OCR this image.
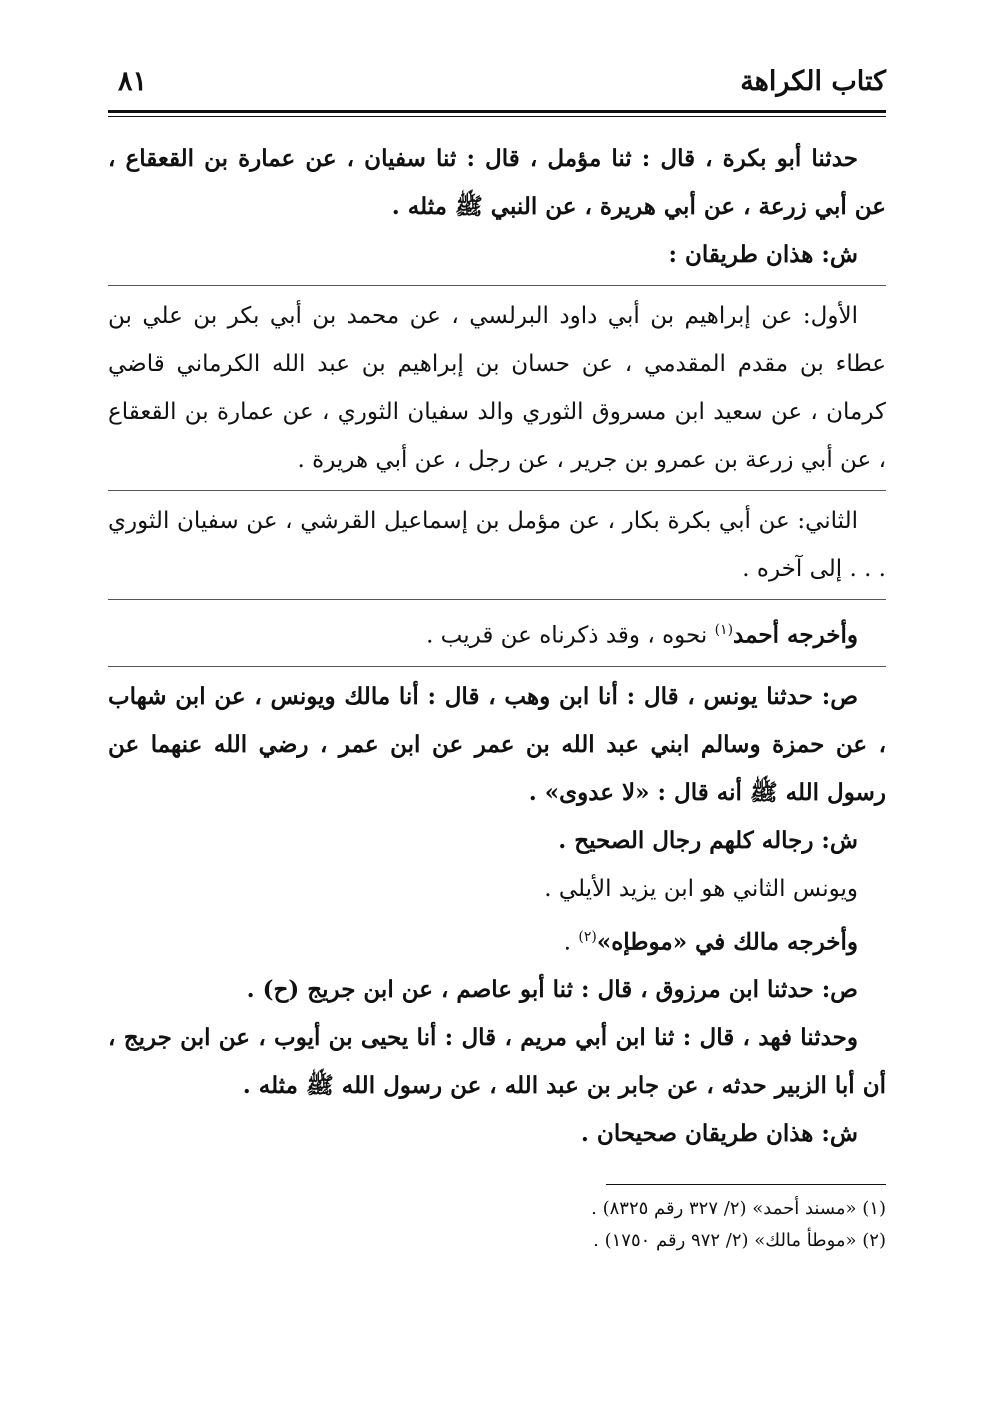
كتاب الكراهة
٨١

حدثنا أبو بكرة ، قال : ثنا مؤمل ، قال : ثنا سفيان ، عن عمارة بن القعقاع ، عن أبي زرعة ، عن أبي هريرة ، عن النبي ﷺ مثله .

ش: هذان طريقان :

الأول: عن إبراهيم بن أبي داود البرلسي ، عن محمد بن أبي بكر بن علي بن عطاء بن مقدم المقدمي ، عن حسان بن إبراهيم بن عبد الله الكرماني قاضي كرمان ، عن سعيد ابن مسروق الثوري والد سفيان الثوري ، عن عمارة بن القعقاع ، عن أبي زرعة بن عمرو بن جرير ، عن رجل ، عن أبي هريرة .

الثاني: عن أبي بكرة بكار ، عن مؤمل بن إسماعيل القرشي ، عن سفيان الثوري . . . إلى آخره .

وأخرجه أحمد$^{(١)}$ نحوه ، وقد ذكرناه عن قريب .

ص: حدثنا يونس ، قال : أنا ابن وهب ، قال : أنا مالك ويونس ، عن ابن شهاب ، عن حمزة وسالم ابني عبد الله بن عمر عن ابن عمر ، رضي الله عنهما عن رسول الله ﷺ أنه قال : «لا عدوى» .

ش: رجاله كلهم رجال الصحيح .

ويونس الثاني هو ابن يزيد الأيلي .

وأخرجه مالك في «موطإه»$^{(٢)}$ .

ص: حدثنا ابن مرزوق ، قال : ثنا أبو عاصم ، عن ابن جريج (ح) .

وحدثنا فهد ، قال : ثنا ابن أبي مريم ، قال : أنا يحيى بن أيوب ، عن ابن جريج ، أن أبا الزبير حدثه ، عن جابر بن عبد الله ، عن رسول الله ﷺ مثله .

ش: هذان طريقان صحيحان .

(١) «مسند أحمد» (٢/ ٣٢٧ رقم ٨٣٢٥) .

(٢) «موطأ مالك» (٢/ ٩٧٢ رقم ١٧٥٠) .
